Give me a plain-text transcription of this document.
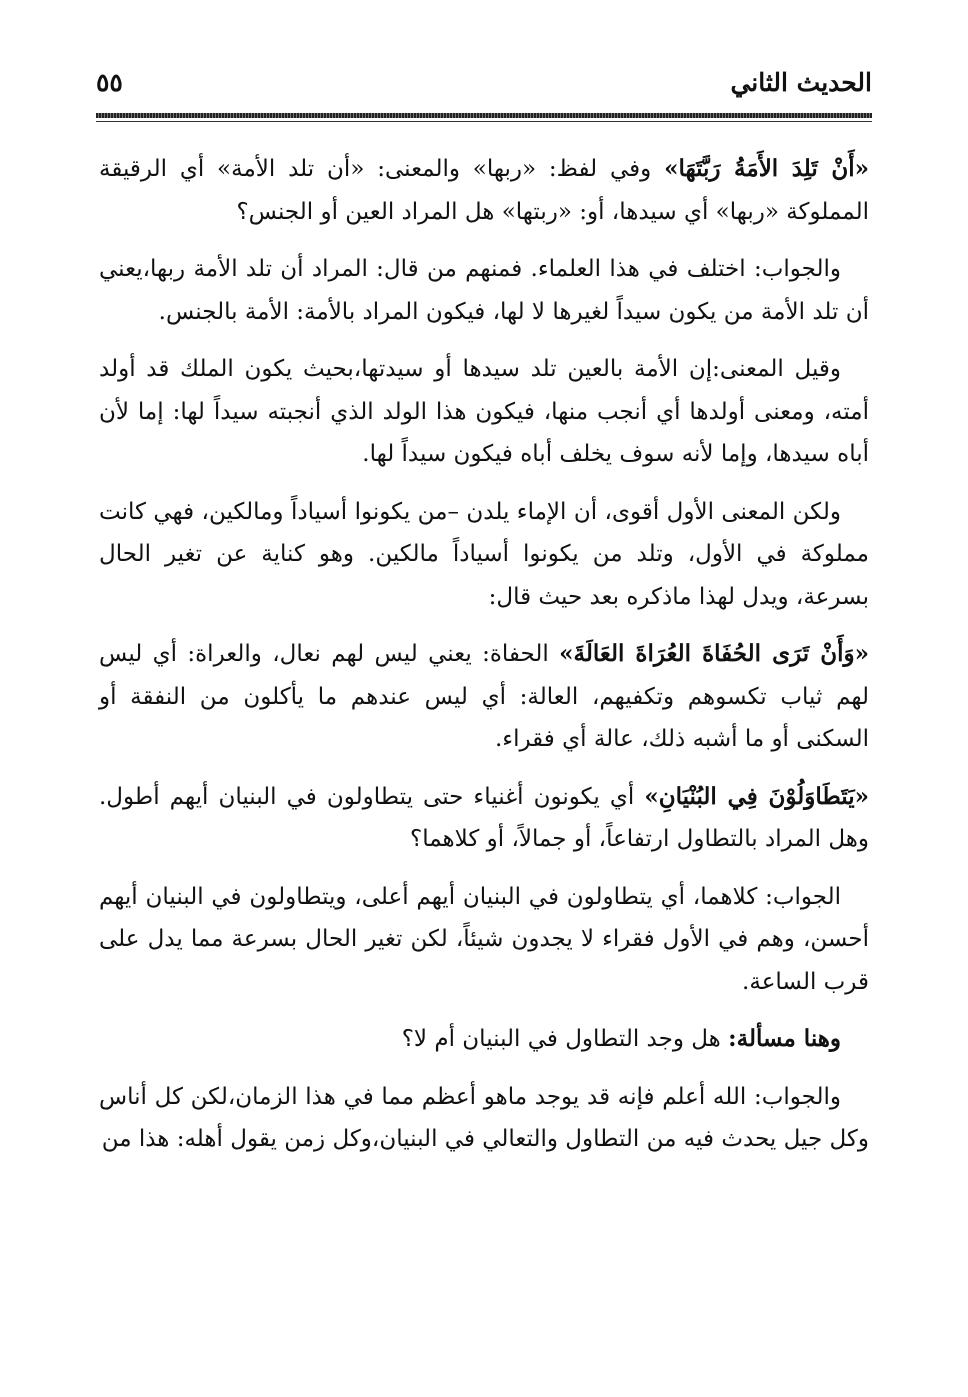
الحديث الثاني
٥٥

«أَنْ تَلِدَ الأَمَةُ رَبَّتَهَا» وفي لفظ: «ربها» والمعنى: «أن تلد الأمة» أي الرقيقة المملوكة «ربها» أي سيدها، أو: «ربتها» هل المراد العين أو الجنس؟

والجواب: اختلف في هذا العلماء. فمنهم من قال: المراد أن تلد الأمة ربها،يعني أن تلد الأمة من يكون سيداً لغيرها لا لها، فيكون المراد بالأمة: الأمة بالجنس.

وقيل المعنى:إن الأمة بالعين تلد سيدها أو سيدتها،بحيث يكون الملك قد أولد أمته، ومعنى أولدها أي أنجب منها، فيكون هذا الولد الذي أنجبته سيداً لها: إما لأن أباه سيدها، وإما لأنه سوف يخلف أباه فيكون سيداً لها.

ولكن المعنى الأول أقوى، أن الإماء يلدن –من يكونوا أسياداً ومالكين، فهي كانت مملوكة في الأول، وتلد من يكونوا أسياداً مالكين. وهو كناية عن تغير الحال بسرعة، ويدل لهذا ماذكره بعد حيث قال:

«وَأَنْ تَرَى الحُفَاةَ العُرَاةَ العَالَةَ» الحفاة: يعني ليس لهم نعال، والعراة: أي ليس لهم ثياب تكسوهم وتكفيهم، العالة: أي ليس عندهم ما يأكلون من النفقة أو السكنى أو ما أشبه ذلك، عالة أي فقراء.

«يَتَطَاوَلُوْنَ فِي البُنْيَانِ» أي يكونون أغنياء حتى يتطاولون في البنيان أيهم أطول. وهل المراد بالتطاول ارتفاعاً، أو جمالاً، أو كلاهما؟

الجواب: كلاهما، أي يتطاولون في البنيان أيهم أعلى، ويتطاولون في البنيان أيهم أحسن، وهم في الأول فقراء لا يجدون شيئاً، لكن تغير الحال بسرعة مما يدل على قرب الساعة.

وهنا مسألة: هل وجد التطاول في البنيان أم لا؟

والجواب: الله أعلم فإنه قد يوجد ماهو أعظم مما في هذا الزمان،لكن كل أناس وكل جيل يحدث فيه من التطاول والتعالي في البنيان،وكل زمن يقول أهله: هذا من
